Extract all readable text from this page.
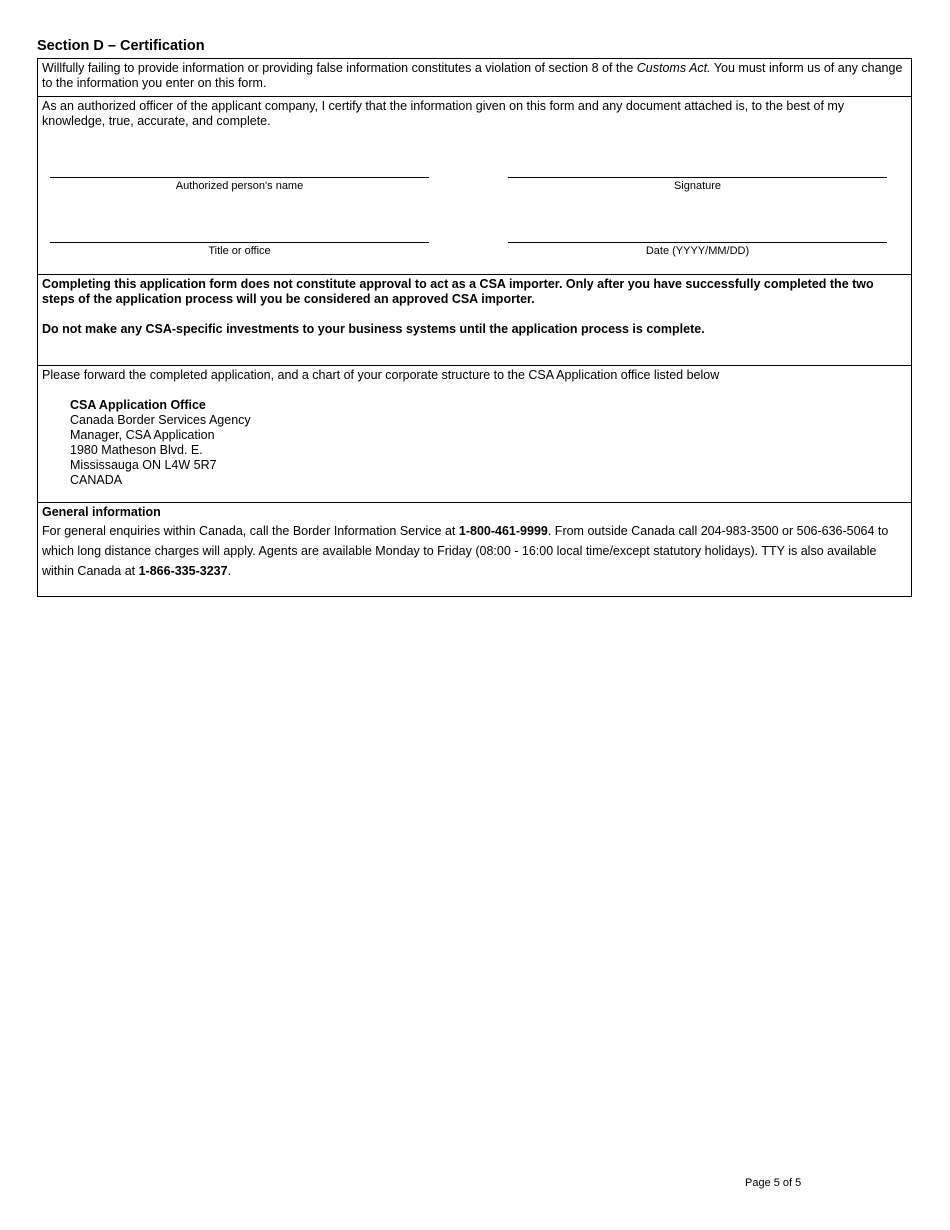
Section D – Certification
Willfully failing to provide information or providing false information constitutes a violation of section 8 of the Customs Act. You must inform us of any change to the information you enter on this form.
As an authorized officer of the applicant company, I certify that the information given on this form and any document attached is, to the best of my knowledge, true, accurate, and complete.
Authorized person's name	Signature
Title or office	Date (YYYY/MM/DD)

Completing this application form does not constitute approval to act as a CSA importer. Only after you have successfully completed the two steps of the application process will you be considered an approved CSA importer.

Do not make any CSA-specific investments to your business systems until the application process is complete.

Please forward the completed application, and a chart of your corporate structure to the CSA Application office listed below
CSA Application Office
Canada Border Services Agency
Manager, CSA Application
1980 Matheson Blvd. E.
Mississauga ON L4W 5R7
CANADA
General information
For general enquiries within Canada, call the Border Information Service at 1-800-461-9999. From outside Canada call 204-983-3500 or 506-636-5064 to which long distance charges will apply. Agents are available Monday to Friday (08:00 - 16:00 local time/except statutory holidays). TTY is also available within Canada at 1-866-335-3237.
Page 5 of 5
